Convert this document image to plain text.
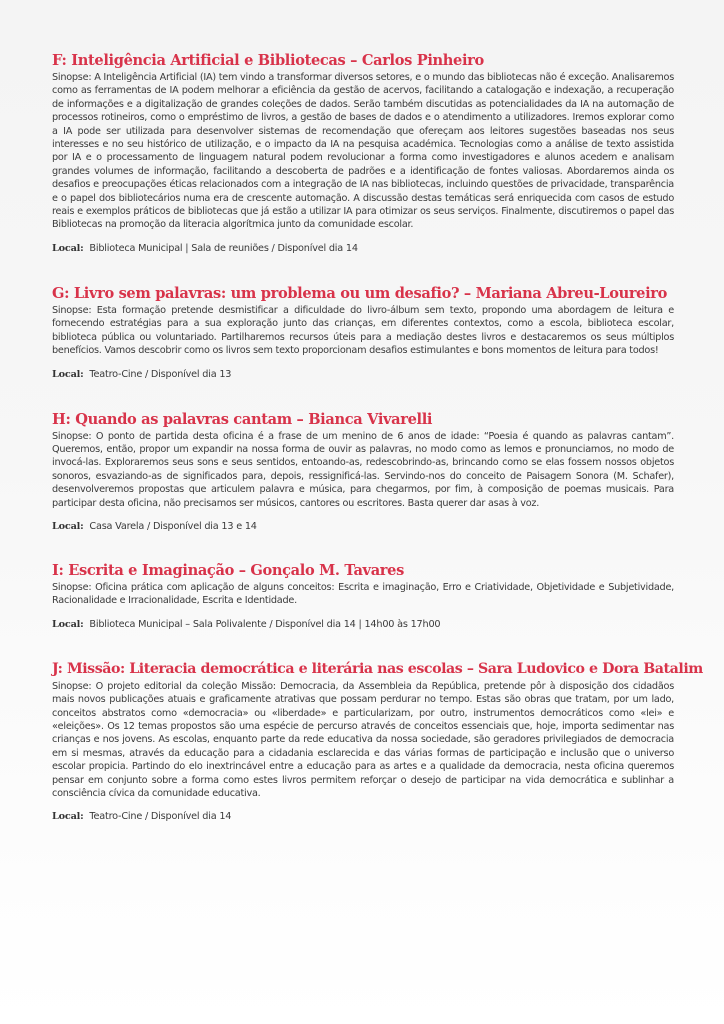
F: Inteligência Artificial e Bibliotecas – Carlos Pinheiro

Sinopse: A Inteligência Artificial (IA) tem vindo a transformar diversos setores, e o mundo das bibliotecas não é exceção. Analisaremos como as ferramentas de IA podem melhorar a eficiência da gestão de acervos, facilitando a catalogação e indexação, a recuperação de informações e a digitalização de grandes coleções de dados. Serão também discutidas as potencialidades da IA na automação de processos rotineiros, como o empréstimo de livros, a gestão de bases de dados e o atendimento a utilizadores. Iremos explorar como a IA pode ser utilizada para desenvolver sistemas de recomendação que ofereçam aos leitores sugestões baseadas nos seus interesses e no seu histórico de utilização, e o impacto da IA na pesquisa académica. Tecnologias como a análise de texto assistida por IA e o processamento de linguagem natural podem revolucionar a forma como investigadores e alunos acedem e analisam grandes volumes de informação, facilitando a descoberta de padrões e a identificação de fontes valiosas. Abordaremos ainda os desafios e preocupações éticas relacionados com a integração de IA nas bibliotecas, incluindo questões de privacidade, transparência e o papel dos bibliotecários numa era de crescente automação. A discussão destas temáticas será enriquecida com casos de estudo reais e exemplos práticos de bibliotecas que já estão a utilizar IA para otimizar os seus serviços. Finalmente, discutiremos o papel das Bibliotecas na promoção da literacia algorítmica junto da comunidade escolar.

Local: Biblioteca Municipal | Sala de reuniões / Disponível dia 14

G: Livro sem palavras: um problema ou um desafio? – Mariana Abreu-Loureiro

Sinopse: Esta formação pretende desmistificar a dificuldade do livro-álbum sem texto, propondo uma abordagem de leitura e fornecendo estratégias para a sua exploração junto das crianças, em diferentes contextos, como a escola, biblioteca escolar, biblioteca pública ou voluntariado. Partilharemos recursos úteis para a mediação destes livros e destacaremos os seus múltiplos benefícios. Vamos descobrir como os livros sem texto proporcionam desafios estimulantes e bons momentos de leitura para todos!

Local: Teatro-Cine / Disponível dia 13

H: Quando as palavras cantam – Bianca Vivarelli

Sinopse: O ponto de partida desta oficina é a frase de um menino de 6 anos de idade: “Poesia é quando as palavras cantam”. Queremos, então, propor um expandir na nossa forma de ouvir as palavras, no modo como as lemos e pronunciamos, no modo de invocá-las. Exploraremos seus sons e seus sentidos, entoando-as, redescobrindo-as, brincando como se elas fossem nossos objetos sonoros, esvaziando-as de significados para, depois, ressignificá-las. Servindo-nos do conceito de Paisagem Sonora (M. Schafer), desenvolveremos propostas que articulem palavra e música, para chegarmos, por fim, à composição de poemas musicais. Para participar desta oficina, não precisamos ser músicos, cantores ou escritores. Basta querer dar asas à voz.

Local: Casa Varela / Disponível dia 13 e 14

I: Escrita e Imaginação – Gonçalo M. Tavares

Sinopse: Oficina prática com aplicação de alguns conceitos: Escrita e imaginação, Erro e Criatividade, Objetividade e Subjetividade, Racionalidade e Irracionalidade, Escrita e Identidade.

Local: Biblioteca Municipal – Sala Polivalente / Disponível dia 14 | 14h00 às 17h00

J: Missão: Literacia democrática e literária nas escolas – Sara Ludovico e Dora Batalim

Sinopse: O projeto editorial da coleção Missão: Democracia, da Assembleia da República, pretende pôr à disposição dos cidadãos mais novos publicações atuais e graficamente atrativas que possam perdurar no tempo. Estas são obras que tratam, por um lado, conceitos abstratos como «democracia» ou «liberdade» e particularizam, por outro, instrumentos democráticos como «lei» e «eleições». Os 12 temas propostos são uma espécie de percurso através de conceitos essenciais que, hoje, importa sedimentar nas crianças e nos jovens. As escolas, enquanto parte da rede educativa da nossa sociedade, são geradores privilegiados de democracia em si mesmas, através da educação para a cidadania esclarecida e das várias formas de participação e inclusão que o universo escolar propicia. Partindo do elo inextrincável entre a educação para as artes e a qualidade da democracia, nesta oficina queremos pensar em conjunto sobre a forma como estes livros permitem reforçar o desejo de participar na vida democrática e sublinhar a consciência cívica da comunidade educativa.

Local: Teatro-Cine / Disponível dia 14
